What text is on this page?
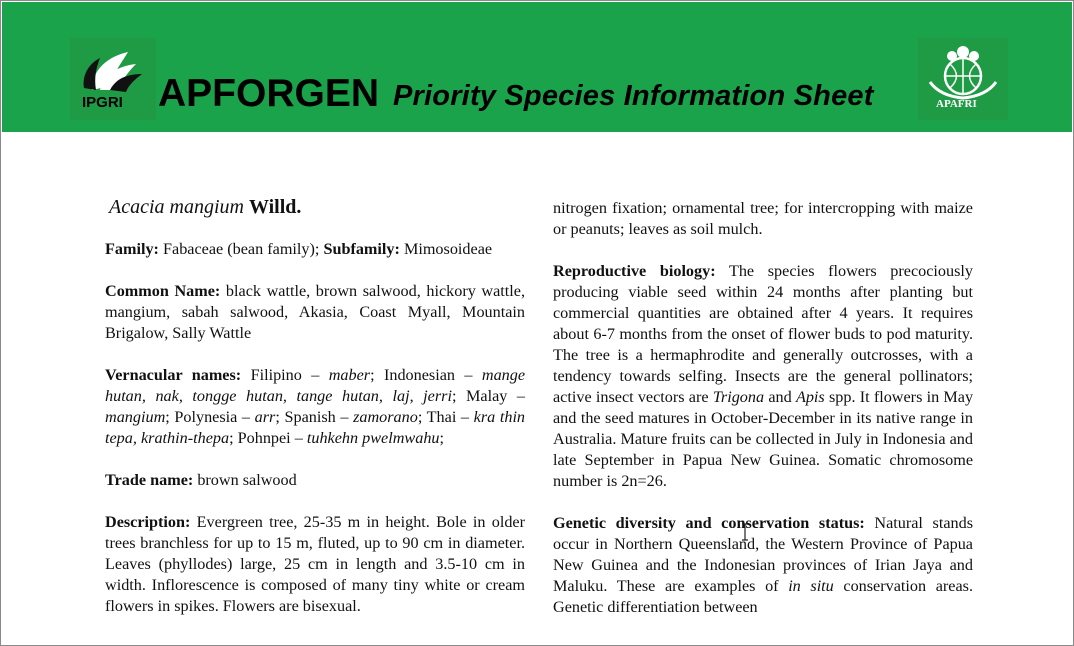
IPGRI APFORGEN Priority Species Information Sheet	APAFRI
Acacia mangium Willd.

Family: Fabaceae (bean family); Subfamily: Mimosoideae

Common Name: black wattle, brown salwood, hickory wattle, mangium, sabah salwood, Akasia, Coast Myall, Mountain Brigalow, Sally Wattle

Vernacular names: Filipino – maber; Indonesian – mange hutan, nak, tongge hutan, tange hutan, laj, jerri; Malay – mangium; Polynesia – arr; Spanish – zamorano; Thai – kra thin tepa, krathin-thepa; Pohnpei – tuhkehn pwelmwahu;

Trade name: brown salwood

Description: Evergreen tree, 25-35 m in height. Bole in older trees branchless for up to 15 m, fluted, up to 90 cm in diameter. Leaves (phyllodes) large, 25 cm in length and 3.5-10 cm in width. Inflorescence is composed of many tiny white or cream flowers in spikes. Flowers are bisexual.

nitrogen fixation; ornamental tree; for intercropping with maize or peanuts; leaves as soil mulch.

Reproductive biology: The species flowers precociously producing viable seed within 24 months after planting but commercial quantities are obtained after 4 years. It requires about 6-7 months from the onset of flower buds to pod maturity. The tree is a hermaphrodite and generally outcrosses, with a tendency towards selfing. Insects are the general pollinators; active insect vectors are Trigona and Apis spp. It flowers in May and the seed matures in October-December in its native range in Australia. Mature fruits can be collected in July in Indonesia and late September in Papua New Guinea. Somatic chromosome number is 2n=26.

Genetic diversity and conservation status: Natural stands occur in Northern Queensland, the Western Province of Papua New Guinea and the Indonesian provinces of Irian Jaya and Maluku. These are examples of in situ conservation areas. Genetic differentiation between
